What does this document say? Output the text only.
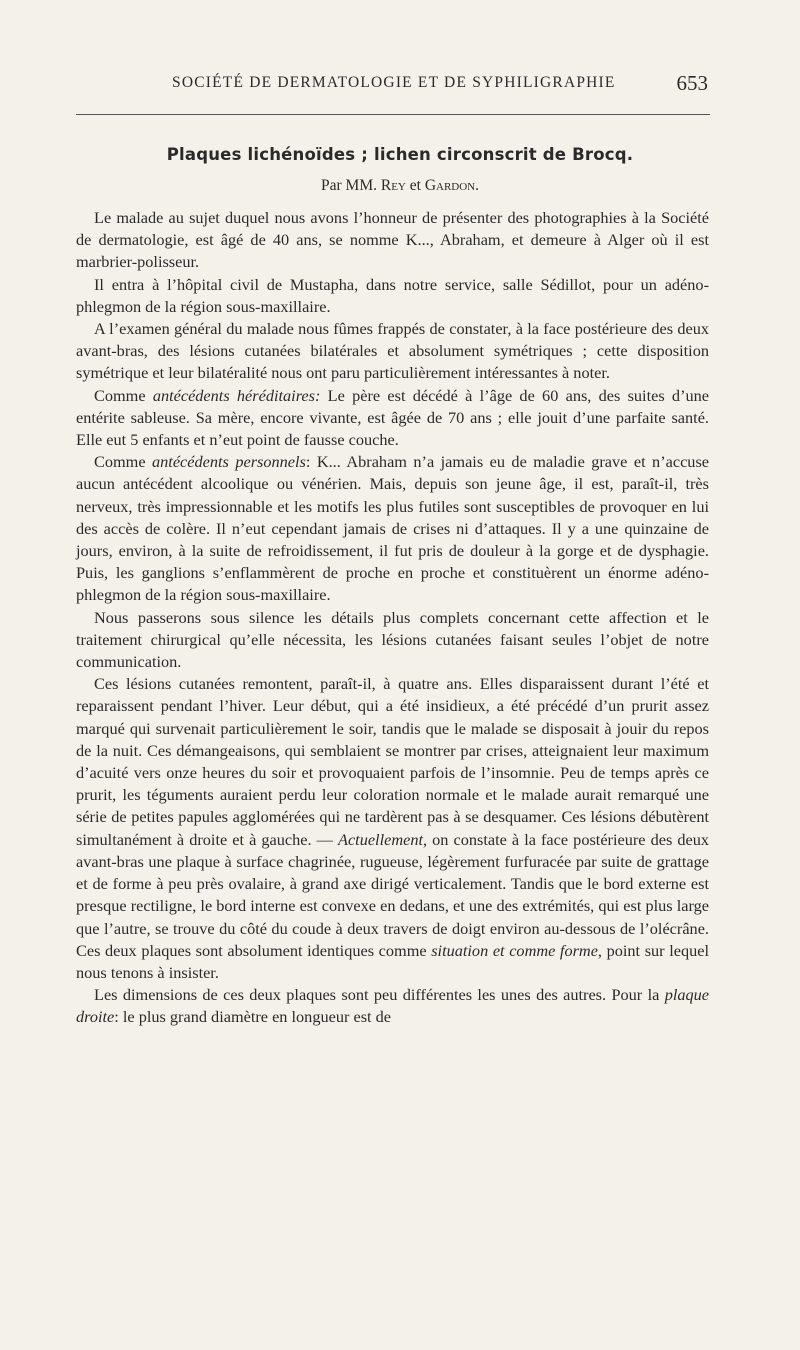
SOCIÉTÉ DE DERMATOLOGIE ET DE SYPHILIGRAPHIE	653
Plaques lichénoïdes ; lichen circonscrit de Brocq.
Par MM. Rey et Gardon.

Le malade au sujet duquel nous avons l’honneur de présenter des photographies à la Société de dermatologie, est âgé de 40 ans, se nomme K..., Abraham, et demeure à Alger où il est marbrier-polisseur.

Il entra à l’hôpital civil de Mustapha, dans notre service, salle Sédillot, pour un adéno-phlegmon de la région sous-maxillaire.

A l’examen général du malade nous fûmes frappés de constater, à la face postérieure des deux avant-bras, des lésions cutanées bilatérales et absolument symétriques ; cette disposition symétrique et leur bilatéralité nous ont paru particulièrement intéressantes à noter.

Comme antécédents héréditaires: Le père est décédé à l’âge de 60 ans, des suites d’une entérite sableuse. Sa mère, encore vivante, est âgée de 70 ans ; elle jouit d’une parfaite santé. Elle eut 5 enfants et n’eut point de fausse couche.

Comme antécédents personnels: K... Abraham n’a jamais eu de maladie grave et n’accuse aucun antécédent alcoolique ou vénérien. Mais, depuis son jeune âge, il est, paraît-il, très nerveux, très impressionnable et les motifs les plus futiles sont susceptibles de provoquer en lui des accès de colère. Il n’eut cependant jamais de crises ni d’attaques. Il y a une quinzaine de jours, environ, à la suite de refroidissement, il fut pris de douleur à la gorge et de dysphagie. Puis, les ganglions s’enflammèrent de proche en proche et constituèrent un énorme adéno-phlegmon de la région sous-maxillaire.

Nous passerons sous silence les détails plus complets concernant cette affection et le traitement chirurgical qu’elle nécessita, les lésions cutanées faisant seules l’objet de notre communication.

Ces lésions cutanées remontent, paraît-il, à quatre ans. Elles disparaissent durant l’été et reparaissent pendant l’hiver. Leur début, qui a été insidieux, a été précédé d’un prurit assez marqué qui survenait particulièrement le soir, tandis que le malade se disposait à jouir du repos de la nuit. Ces démangeaisons, qui semblaient se montrer par crises, atteignaient leur maximum d’acuité vers onze heures du soir et provoquaient parfois de l’insomnie. Peu de temps après ce prurit, les téguments auraient perdu leur coloration normale et le malade aurait remarqué une série de petites papules agglomérées qui ne tardèrent pas à se desquamer. Ces lésions débutèrent simultanément à droite et à gauche. — Actuellement, on constate à la face postérieure des deux avant-bras une plaque à surface chagrinée, rugueuse, légèrement furfuracée par suite de grattage et de forme à peu près ovalaire, à grand axe dirigé verticalement. Tandis que le bord externe est presque rectiligne, le bord interne est convexe en dedans, et une des extrémités, qui est plus large que l’autre, se trouve du côté du coude à deux travers de doigt environ au-dessous de l’olécrâne. Ces deux plaques sont absolument identiques comme situation et comme forme, point sur lequel nous tenons à insister.

Les dimensions de ces deux plaques sont peu différentes les unes des autres. Pour la plaque droite: le plus grand diamètre en longueur est de
